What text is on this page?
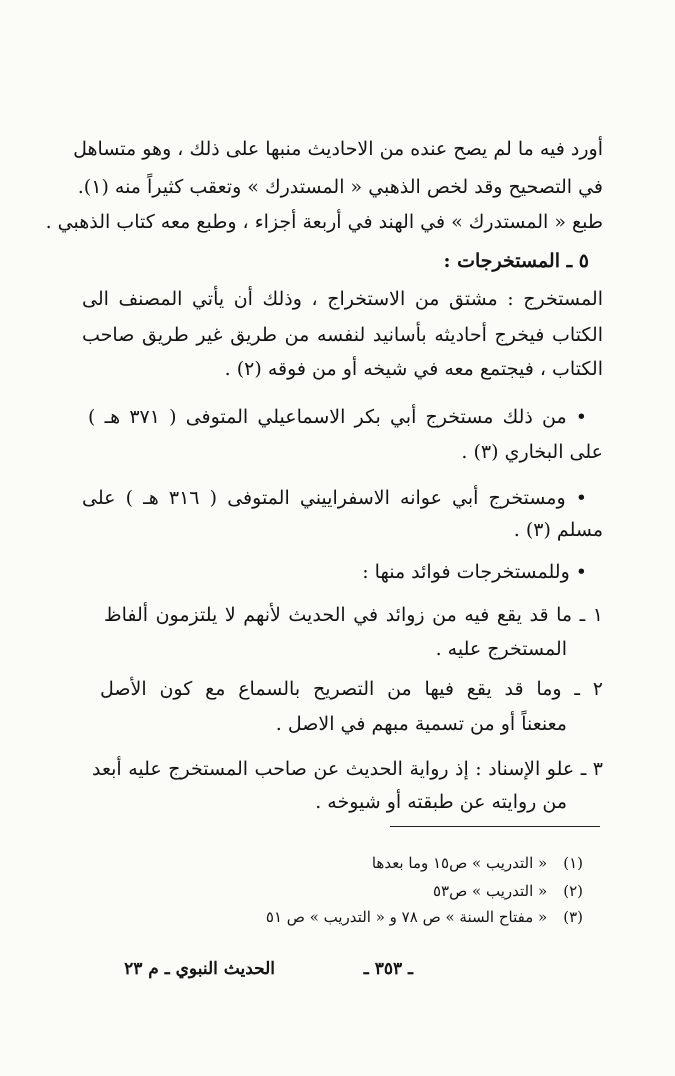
أورد فيه ما لم يصح عنده من الاحاديث منبها على ذلك ، وهو متساهل
في التصحيح وقد لخص الذهبي « المستدرك » وتعقب كثيراً منه (١).
طبع « المستدرك » في الهند في أربعة أجزاء ، وطبع معه كتاب الذهبي .
٥ ـ المستخرجات :
المستخرج : مشتق من الاستخراج ، وذلك أن يأتي المصنف الى
الكتاب فيخرج أحاديثه بأسانيد لنفسه من طريق غير طريق صاحب
الكتاب ، فيجتمع معه في شيخه أو من فوقه (٢) .
• من ذلك مستخرج أبي بكر الاسماعيلي المتوفى ( ٣٧١ هـ )
على البخاري (٣) .
• ومستخرج أبي عوانه الاسفراييني المتوفى ( ٣١٦ هـ ) على
مسلم (٣) .
• وللمستخرجات فوائد منها :
١ ـ ما قد يقع فيه من زوائد في الحديث لأنهم لا يلتزمون ألفاظ
المستخرج عليه .
٢ ـ وما قد يقع فيها من التصريح بالسماع مع كون الأصل
معنعناً أو من تسمية مبهم في الاصل .
٣ ـ علو الإسناد : إذ رواية الحديث عن صاحب المستخرج عليه أبعد
من روايته عن طبقته أو شيوخه .
(١)« التدريب » ص١٥ وما بعدها
(٢)« التدريب » ص٥٣
(٣)« مفتاح السنة » ص ٧٨ و « التدريب » ص ٥١
ـ ٣٥٣ ـ
الحديث النبوي ـ م ٢٣
